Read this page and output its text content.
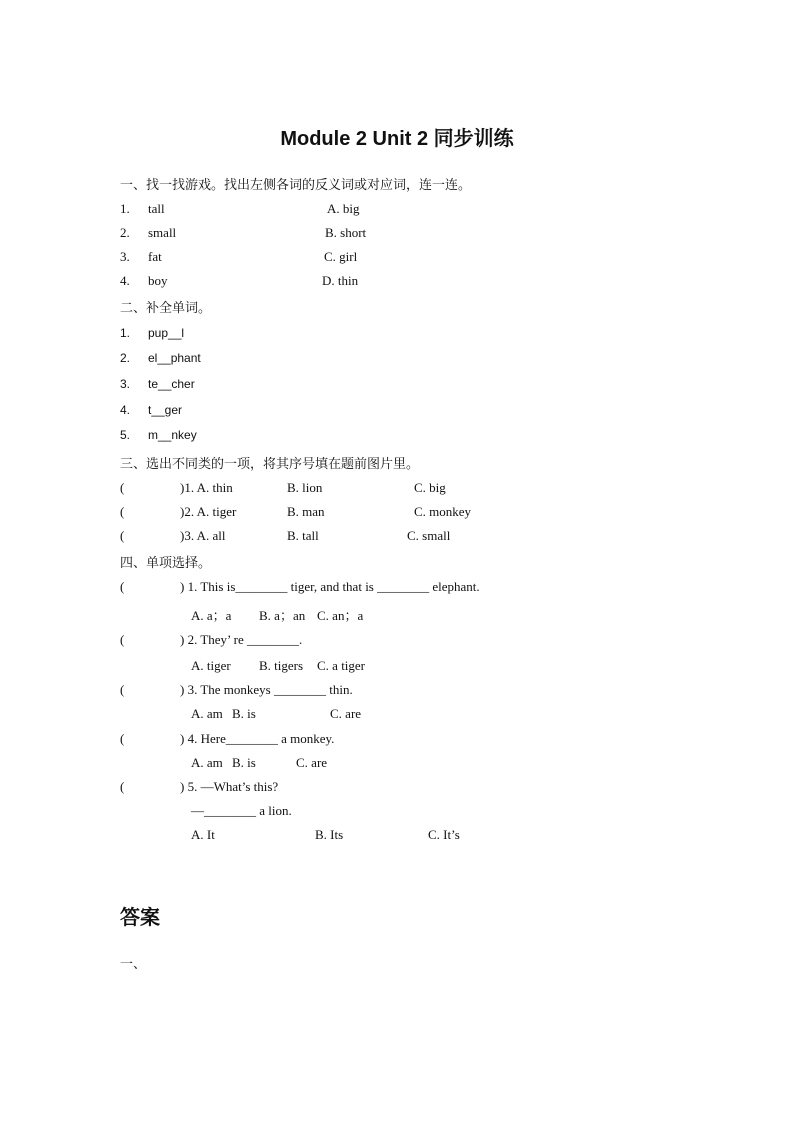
Module 2 Unit 2 同步训练
一、找一找游戏。找出左侧各词的反义词或对应词，连一连。
1. tall	A. big
2. small	B. short
3. fat	C. girl
4. boy	D. thin
二、补全单词。
1. pup__l
2. el__phant
3. te__cher
4. t__ger
5. m__nkey
三、选出不同类的一项，将其序号填在题前图片里。
(	)1. A. thin	B. lion	C. big
(	)2. A. tiger	B. man	C. monkey
(	)3. A. all	B. tall	C. small
四、单项选择。
(	) 1. This is________ tiger, and that is ________ elephant.
A. a；a B. a；an C. an；a
(	) 2. They’ re ________.
A. tiger B. tigers C. a tiger
(	) 3. The monkeys ________ thin.
A. am B. is	C. are
(	) 4. Here________ a monkey.
A. am B. is	C. are
(	) 5. —What’s this?
—________ a lion.
A. It	B. Its	C. It’s
答案
一、
